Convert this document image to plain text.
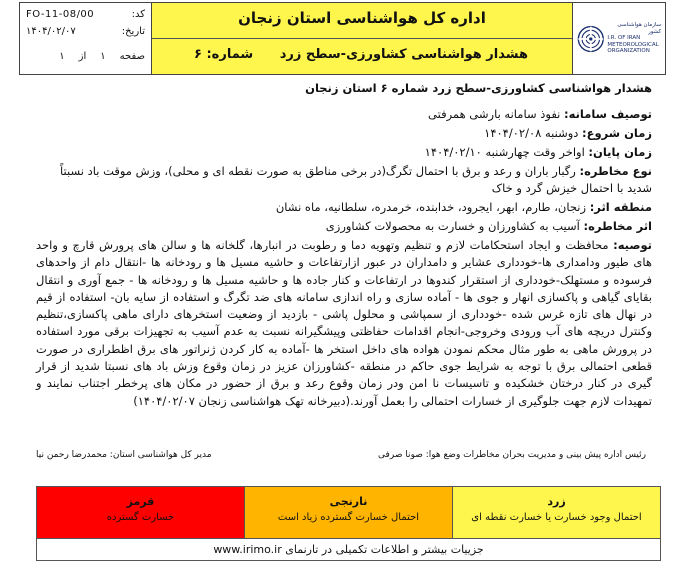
کد:
FO-11-08/00
تاریخ:
۱۴۰۴/۰۲/۰۷
صفحه
۱
از
۱
اداره کل هواشناسی استان زنجان
هشدار هواشناسی کشاورزی-سطح زرد
شماره: ۶
سازمان هواشناسی کشور
I.R. OF IRAN
METEOROLOGICAL
ORGANIZATION
هشدار هواشناسی کشاورزی-سطح زرد شماره ۶ استان زنجان
توصیف سامانه: نفوذ سامانه بارشی همرفتی
زمان شروع: دوشنبه ۱۴۰۴/۰۲/۰۸
زمان پایان: اواخر وقت چهارشنبه ۱۴۰۴/۰۲/۱۰
نوع مخاطره: رگبار باران و رعد و برق با احتمال تگرگ(در برخی مناطق به صورت نقطه ای و محلی)، وزش موقت باد نسبتاً شدید با احتمال خیزش گرد و خاک
منطقه اثر: زنجان، طارم، ابهر، ایجرود، خدابنده، خرمدره، سلطانیه، ماه نشان
اثر مخاطره: آسیب به کشاورزان و خسارت به محصولات کشاورزی
توصیه: محافظت و ایجاد استحکامات لازم و تنظیم وتهویه دما و رطوبت در انبارها، گلخانه ها و سالن های پرورش قارچ و واحد های طیور ودامداری ها-خودداری عشایر و دامداران در عبور ازارتفاعات و حاشیه مسیل ها و رودخانه ها -انتقال دام از واحدهای فرسوده و مستهلک-خودداری از استقرار کندوها در ارتفاعات و کنار جاده ها و حاشیه مسیل ها و رودخانه ها - جمع آوری و انتقال بقایای گیاهی و پاکسازی انهار و جوی ها - آماده سازی و راه اندازی سامانه های ضد تگرگ و استفاده از سایه بان- استفاده از قیم در نهال های تازه غرس شده -خودداری از سمپاشی و محلول پاشی - بازدید از وضعیت استخرهای دارای ماهی پاکسازی،تنظیم وکنترل دریچه های آب ورودی وخروجی-انجام اقدامات حفاظتی وپیشگیرانه نسبت به عدم آسیب به تجهیزات برقی مورد استفاده در پرورش ماهی به طور مثال محکم نمودن هواده های داخل استخر ها -آماده به کار کردن ژنراتور های برق اظطراری در صورت قطعی احتمالی برق با توجه به شرایط جوی حاکم در منطقه -کشاورزان عزیز در زمان وقوع وزش باد های نسبتا شدید از قرار گیری در کنار درختان خشکیده و تاسیسات نا امن ودر زمان وقوع رعد و برق از حضور در مکان های پرخطر اجتناب نمایند و تمهیدات لازم جهت جلوگیری از خسارات احتمالی را بعمل آورند.(دبیرخانه تهک هواشناسی زنجان ۱۴۰۴/۰۲/۰۷)
رئیس اداره پیش بینی و مدیریت بحران مخاطرات وضع هوا: صونا صرفی
مدیر کل هواشناسی استان: محمدرضا رحمن نیا
قرمز
خسارت گسترده
نارنجی
احتمال خسارت گسترده زیاد است
زرد
احتمال وجود خسارت یا خسارت نقطه ای
جزییات بیشتر و اطلاعات تکمیلی در تارنمای www.irimo.ir
